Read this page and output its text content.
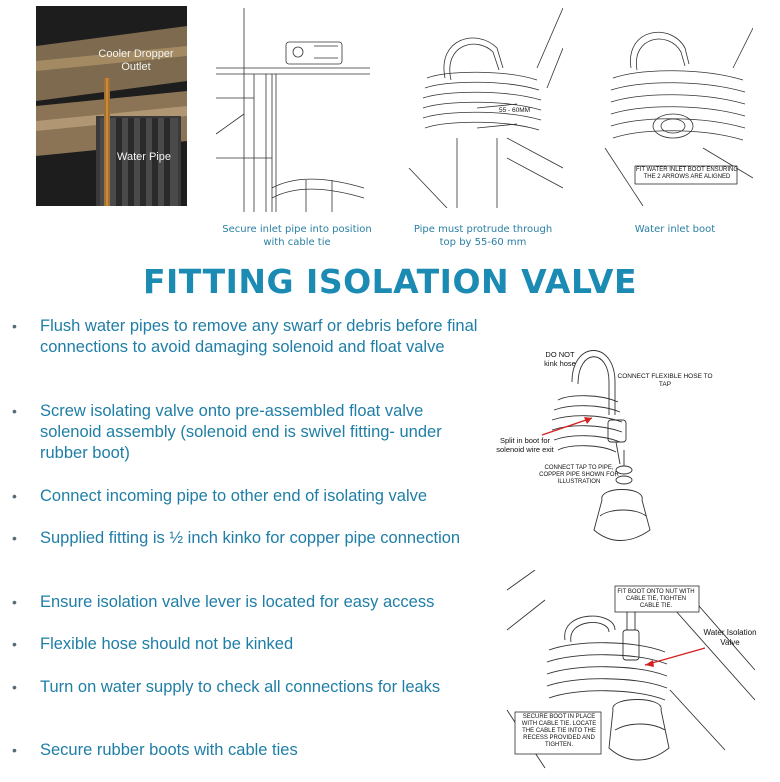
Cooler Dropper Outlet
Water Pipe
Secure inlet pipe into position with cable tie
55 - 60MM
Pipe must protrude through top by 55-60 mm
FIT WATER INLET BOOT ENSURING THE 2 ARROWS ARE ALIGNED
Water inlet boot
FITTING ISOLATION VALVE
• Flush water pipes to remove any swarf or debris before final connections to avoid damaging solenoid and float valve
• Screw isolating valve onto pre-assembled float valve solenoid assembly (solenoid end is swivel fitting- under rubber boot)
• Connect incoming pipe to other end of isolating valve
• Supplied fitting is ½ inch kinko for copper pipe connection
• Ensure isolation valve lever is located for easy access
• Flexible hose should not be kinked
• Turn on water supply to check all connections for leaks
• Secure rubber boots with cable ties
DO NOT kink hose
CONNECT FLEXIBLE HOSE TO TAP
Split in boot for solenoid wire exit
CONNECT TAP TO PIPE, COPPER PIPE SHOWN FOR ILLUSTRATION
FIT BOOT ONTO NUT WITH CABLE TIE, TIGHTEN CABLE TIE.
Water Isolation Valve
SECURE BOOT IN PLACE WITH CABLE TIE. LOCATE THE CABLE TIE INTO THE RECESS PROVIDED AND TIGHTEN.
